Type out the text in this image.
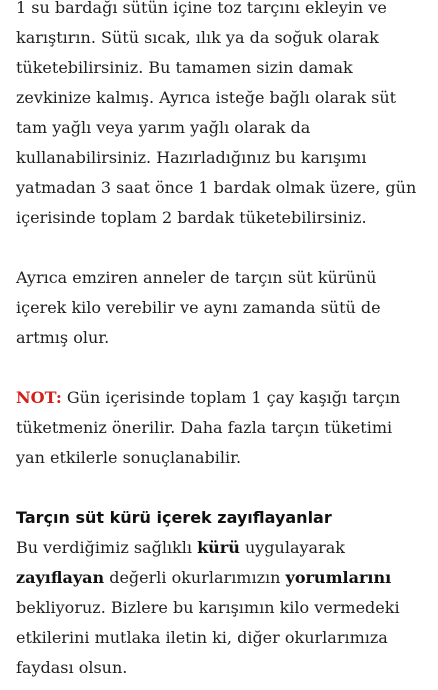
1 su bardağı sütün içine toz tarçını ekleyin ve karıştırın. Sütü sıcak, ılık ya da soğuk olarak tüketebilirsiniz. Bu tamamen sizin damak zevkinize kalmış. Ayrıca isteğe bağlı olarak süt tam yağlı veya yarım yağlı olarak da kullanabilirsiniz. Hazırladığınız bu karışımı yatmadan 3 saat önce 1 bardak olmak üzere, gün içerisinde toplam 2 bardak tüketebilirsiniz.

Ayrıca emziren anneler de tarçın süt kürünü içerek kilo verebilir ve aynı zamanda sütü de artmış olur.

NOT: Gün içerisinde toplam 1 çay kaşığı tarçın tüketmeniz önerilir. Daha fazla tarçın tüketimi yan etkilerle sonuçlanabilir.

Tarçın süt kürü içerek zayıflayanlar

Bu verdiğimiz sağlıklı kürü uygulayarak zayıflayan değerli okurlarımızın yorumlarını bekliyoruz. Bizlere bu karışımın kilo vermedeki etkilerini mutlaka iletin ki, diğer okurlarımıza faydası olsun.
